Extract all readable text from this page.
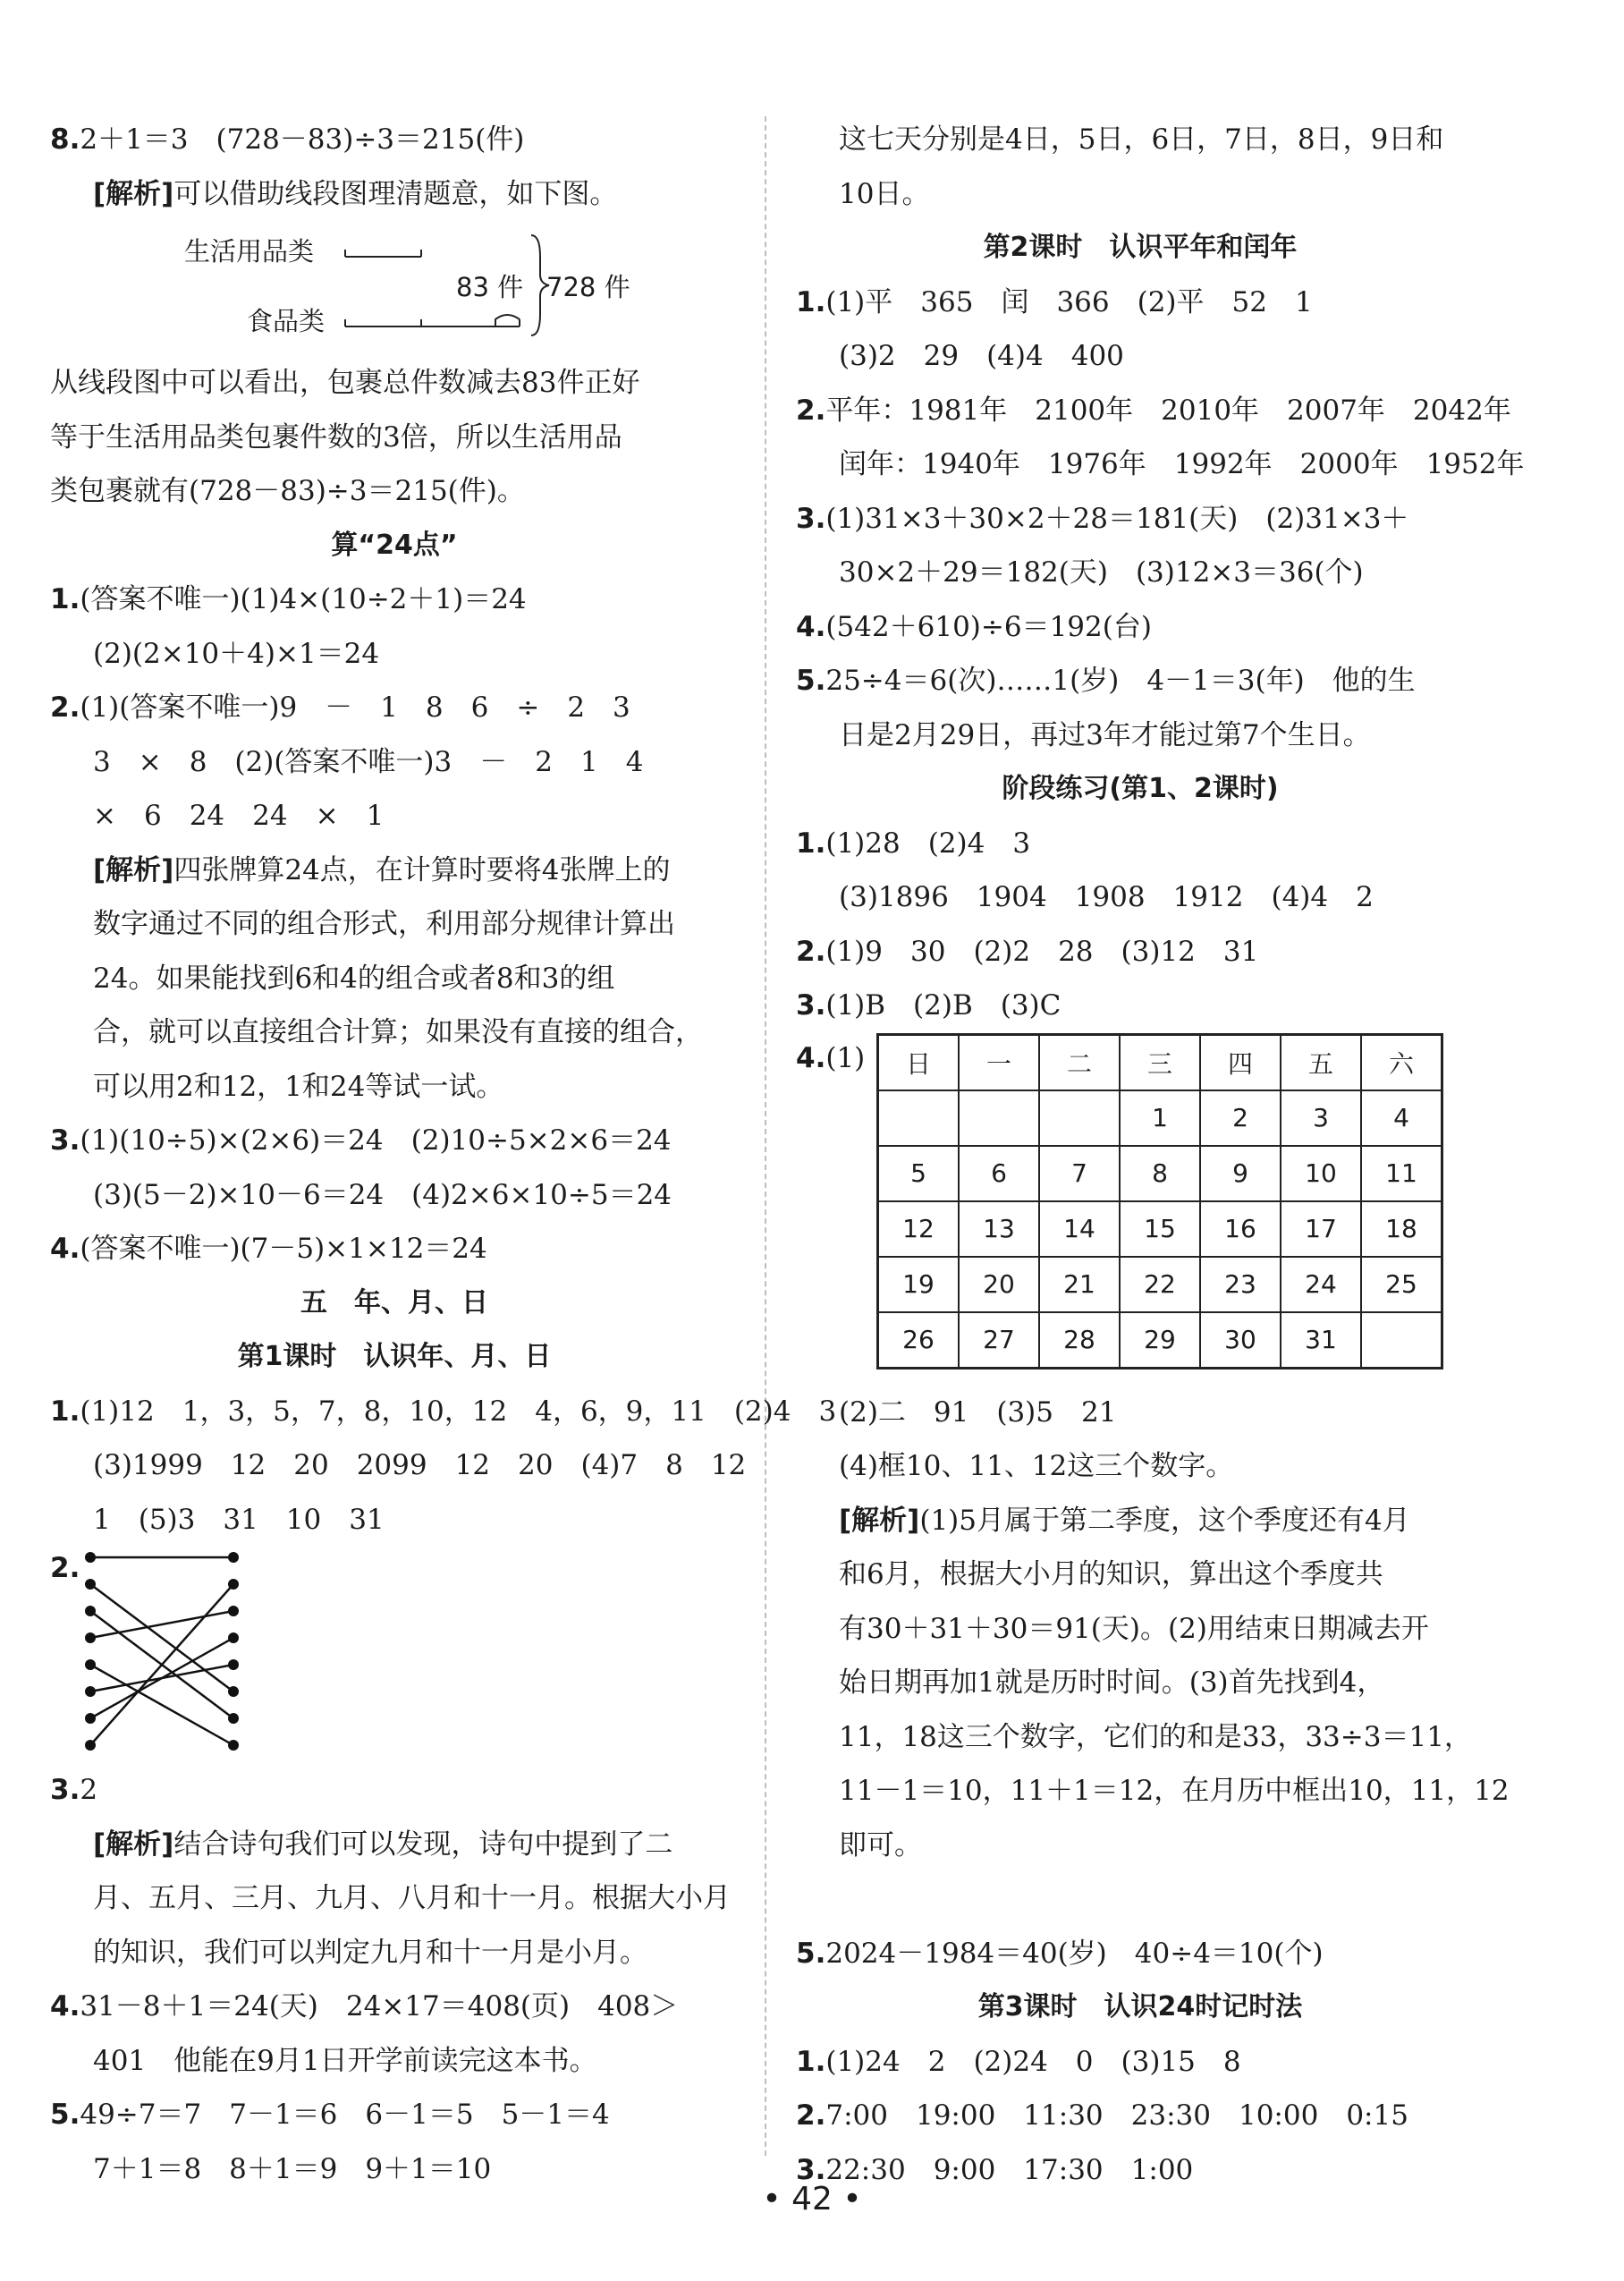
8.2＋1＝3　(728－83)÷3＝215(件)
[解析]可以借助线段图理清题意，如下图。
生活用品类
食品类
83 件 728 件
从线段图中可以看出，包裹总件数减去83件正好
等于生活用品类包裹件数的3倍，所以生活用品
类包裹就有(728－83)÷3＝215(件)。
算“24点”
1.(答案不唯一)(1)4×(10÷2＋1)＝24
(2)(2×10＋4)×1＝24
2.(1)(答案不唯一)9　－　1　8　6　÷　2　3
3　×　8　(2)(答案不唯一)3　－　2　1　4
×　6　24　24　×　1
[解析]四张牌算24点，在计算时要将4张牌上的
数字通过不同的组合形式，利用部分规律计算出
24。如果能找到6和4的组合或者8和3的组
合，就可以直接组合计算；如果没有直接的组合，
可以用2和12，1和24等试一试。
3.(1)(10÷5)×(2×6)＝24　(2)10÷5×2×6＝24
(3)(5－2)×10－6＝24　(4)2×6×10÷5＝24
4.(答案不唯一)(7－5)×1×12＝24
五　年、月、日
第1课时　认识年、月、日
1.(1)12　1，3，5，7，8，10，12　4，6，9，11　(2)4　3
(3)1999　12　20　2099　12　20　(4)7　8　12
1　(5)3　31　10　31
2.
3.2
[解析]结合诗句我们可以发现，诗句中提到了二
月、五月、三月、九月、八月和十一月。根据大小月
的知识，我们可以判定九月和十一月是小月。
4.31－8＋1＝24(天)　24×17＝408(页)　408＞
401　他能在9月1日开学前读完这本书。
5.49÷7＝7　7－1＝6　6－1＝5　5－1＝4
7＋1＝8　8＋1＝9　9＋1＝10
这七天分别是4日，5日，6日，7日，8日，9日和
10日。
第2课时　认识平年和闰年
1.(1)平　365　闰　366　(2)平　52　1
(3)2　29　(4)4　400
2.平年：1981年　2100年　2010年　2007年　2042年
闰年：1940年　1976年　1992年　2000年　1952年
3.(1)31×3＋30×2＋28＝181(天)　(2)31×3＋
30×2＋29＝182(天)　(3)12×3＝36(个)
4.(542＋610)÷6＝192(台)
5.25÷4＝6(次)……1(岁)　4－1＝3(年)　他的生
日是2月29日，再过3年才能过第7个生日。
阶段练习(第1、2课时)
1.(1)28　(2)4　3
(3)1896　1904　1908　1912　(4)4　2
2.(1)9　30　(2)2　28　(3)12　31
3.(1)B　(2)B　(3)C
4.(1) 日	一	二	三	四	五	六
			1	2	3	4
5	6	7	8	9	10	11
12	13	14	15	16	17	18
19	20	21	22	23	24	25
26	27	28	29	30	31	
(2)二　91　(3)5　21
(4)框10、11、12这三个数字。
[解析](1)5月属于第二季度，这个季度还有4月
和6月，根据大小月的知识，算出这个季度共
有30＋31＋30＝91(天)。(2)用结束日期减去开
始日期再加1就是历时时间。(3)首先找到4，
11，18这三个数字，它们的和是33，33÷3＝11，
11－1＝10，11＋1＝12，在月历中框出10，11，12
即可。
5.2024－1984＝40(岁)　40÷4＝10(个)
第3课时　认识24时记时法
1.(1)24　2　(2)24　0　(3)15　8
2.7:00　19:00　11:30　23:30　10:00　0:15
3.22:30　9:00　17:30　1:00
• 42 •
